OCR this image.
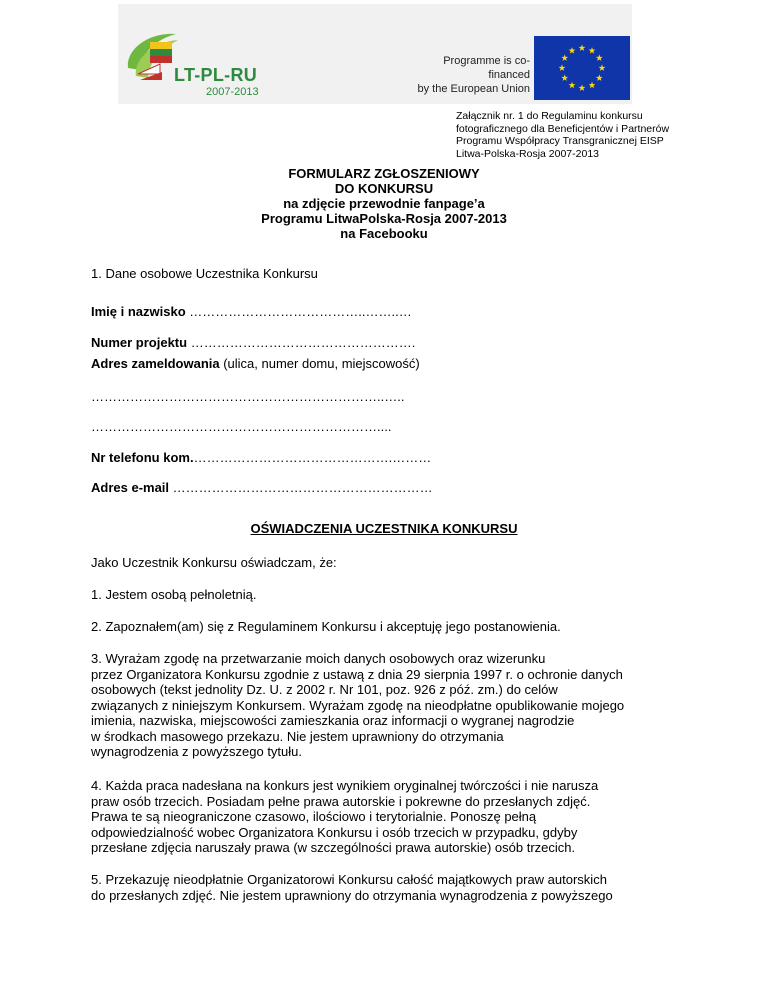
LT-PL-RU
2007-2013
Programme is co-financed
by the European Union
Załącznik nr. 1 do Regulaminu konkursu
fotograficznego dla Beneficjentów i Partnerów
Programu Współpracy Transgranicznej EISP
Litwa-Polska-Rosja 2007-2013
FORMULARZ ZGŁOSZENIOWY
DO KONKURSU
na zdjęcie przewodnie fanpage’a
Programu LitwaPolska-Rosja 2007-2013
na Facebooku
1. Dane osobowe Uczestnika Konkursu
Imię i nazwisko …………………………………..……..…
Numer projektu …………………………………………….
Adres zameldowania (ulica, numer domu, miejscowość)
…………………………………………………………..…..
…………………………………………………………....
Nr telefonu kom.……………………………………….………
Adres e-mail ……………………………………………………
Jako Uczestnik Konkursu oświadczam, że:
1. Jestem osobą pełnoletnią.
2. Zapoznałem(am) się z Regulaminem Konkursu i akceptuję jego postanowienia.
3. Wyrażam zgodę na przetwarzanie moich danych osobowych oraz wizerunku
przez Organizatora Konkursu zgodnie z ustawą z dnia 29 sierpnia 1997 r. o ochronie danych
osobowych (tekst jednolity Dz. U. z 2002 r. Nr 101, poz. 926 z póź. zm.) do celów
związanych z niniejszym Konkursem. Wyrażam zgodę na nieodpłatne opublikowanie mojego
imienia, nazwiska, miejscowości zamieszkania oraz informacji o wygranej nagrodzie
w środkach masowego przekazu. Nie jestem uprawniony do otrzymania
wynagrodzenia z powyższego tytułu.
4. Każda praca nadesłana na konkurs jest wynikiem oryginalnej twórczości i nie narusza
praw osób trzecich. Posiadam pełne prawa autorskie i pokrewne do przesłanych zdjęć.
Prawa te są nieograniczone czasowo, ilościowo i terytorialnie. Ponoszę pełną
odpowiedzialność wobec Organizatora Konkursu i osób trzecich w przypadku, gdyby
przesłane zdjęcia naruszały prawa (w szczególności prawa autorskie) osób trzecich.
5. Przekazuję nieodpłatnie Organizatorowi Konkursu całość majątkowych praw autorskich
do przesłanych zdjęć. Nie jestem uprawniony do otrzymania wynagrodzenia z powyższego
OŚWIADCZENIA UCZESTNIKA KONKURSU
